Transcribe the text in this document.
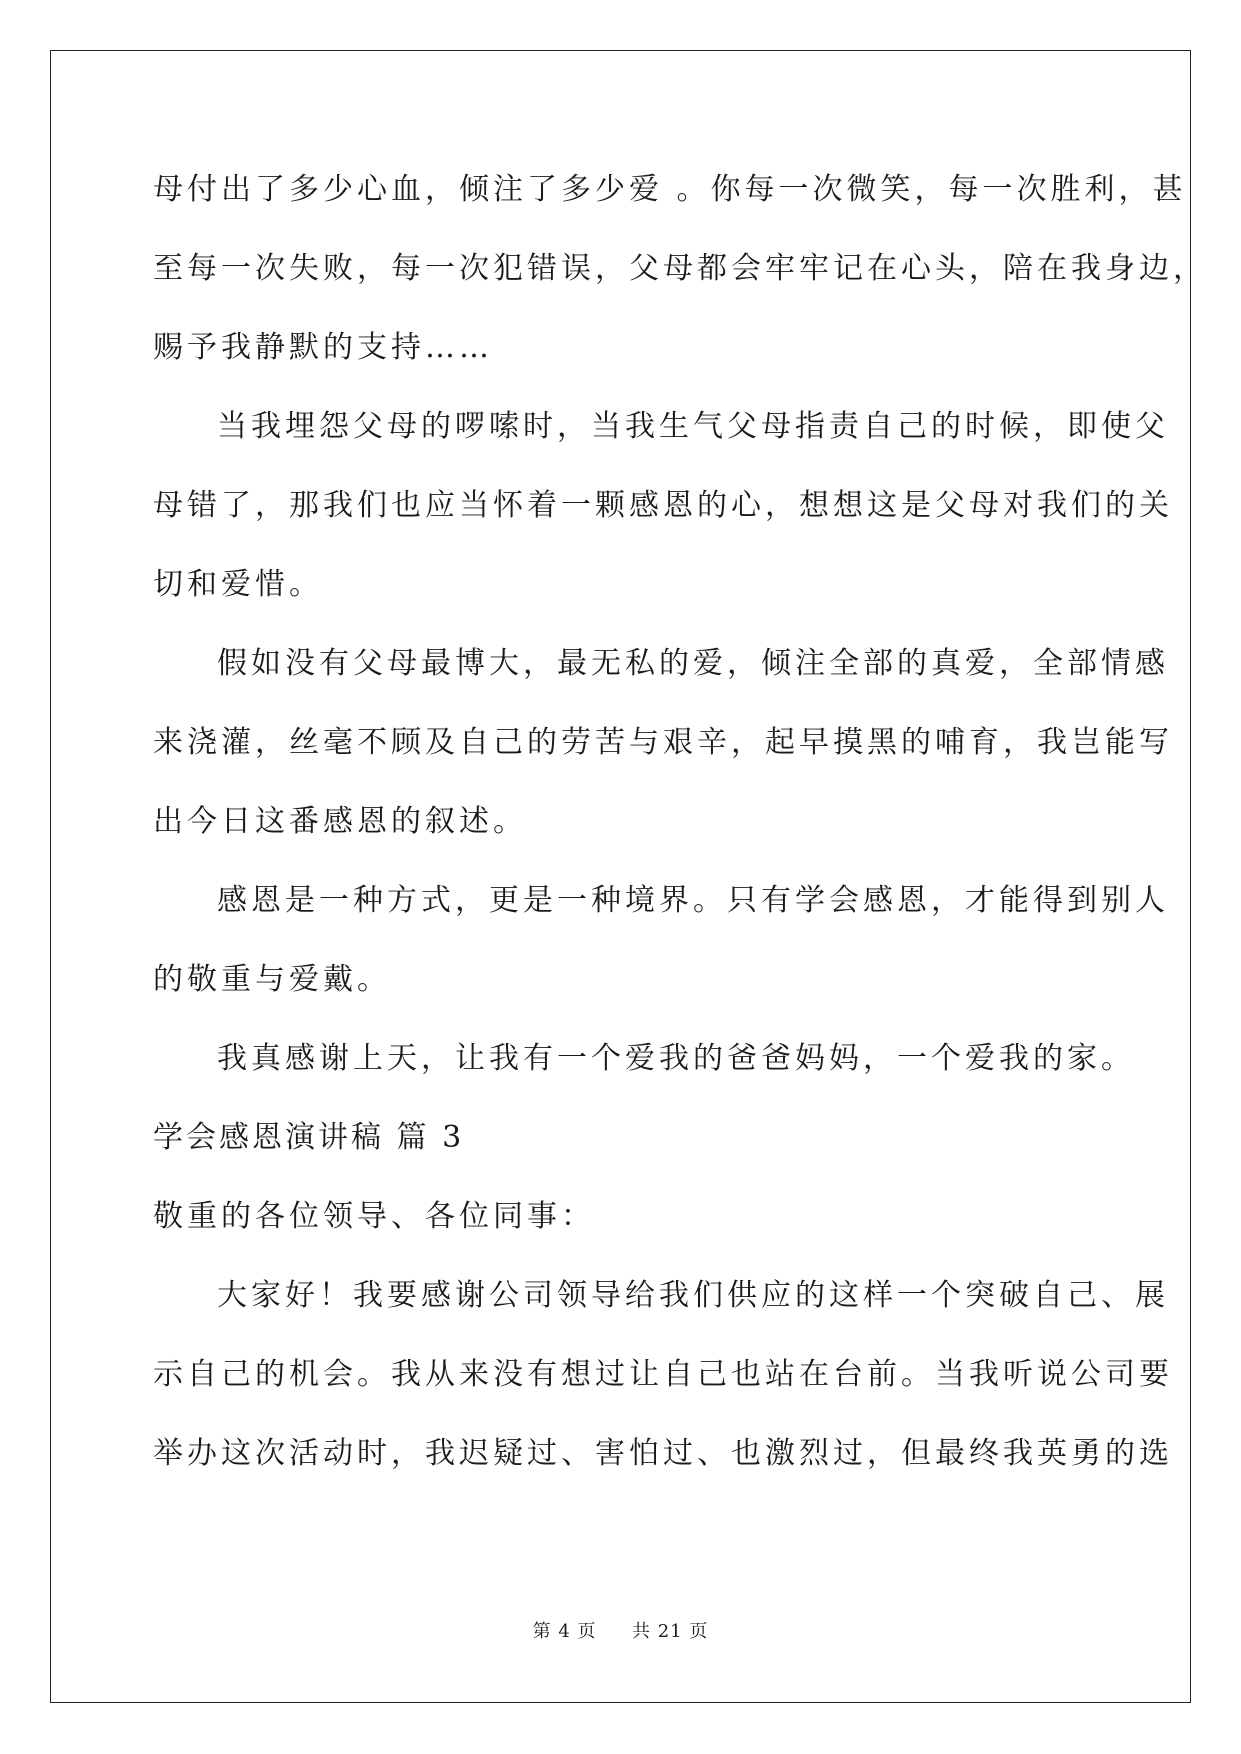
母付出了多少心血，倾注了多少爱 。你每一次微笑，每一次胜利，甚
至每一次失败，每一次犯错误，父母都会牢牢记在心头，陪在我身边，
赐予我静默的支持……
当我埋怨父母的啰嗦时，当我生气父母指责自己的时候，即使父
母错了，那我们也应当怀着一颗感恩的心，想想这是父母对我们的关
切和爱惜。
假如没有父母最博大，最无私的爱，倾注全部的真爱，全部情感
来浇灌，丝毫不顾及自己的劳苦与艰辛，起早摸黑的哺育，我岂能写
出今日这番感恩的叙述。
感恩是一种方式，更是一种境界。只有学会感恩，才能得到别人
的敬重与爱戴。
我真感谢上天，让我有一个爱我的爸爸妈妈，一个爱我的家。
学会感恩演讲稿 篇 3
敬重的各位领导、各位同事：
大家好！我要感谢公司领导给我们供应的这样一个突破自己、展
示自己的机会。我从来没有想过让自己也站在台前。当我听说公司要
举办这次活动时，我迟疑过、害怕过、也激烈过，但最终我英勇的选
第 4 页 共 21 页
